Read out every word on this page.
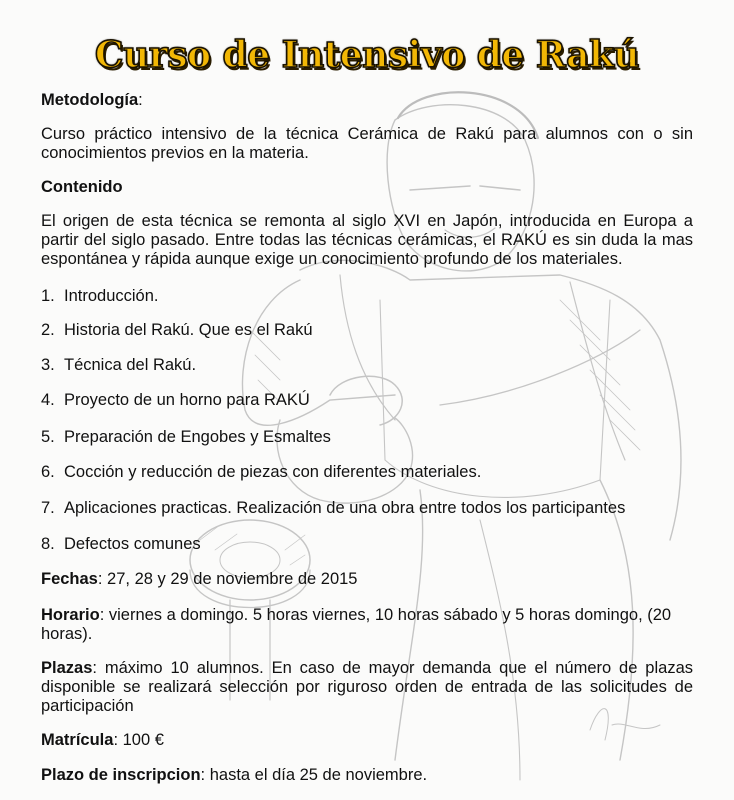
Curso de Intensivo de Rakú
Metodología:
Curso práctico intensivo de la técnica Cerámica de Rakú para alumnos con o sin conocimientos previos en la materia.
Contenido
El origen de esta técnica se remonta al siglo XVI en Japón, introducida en Europa a partir del siglo pasado. Entre todas las técnicas cerámicas, el RAKÚ es sin duda la mas espontánea y rápida aunque exige un conocimiento profundo de los materiales.
1. Introducción.
2. Historia del Rakú. Que es el Rakú
3. Técnica del Rakú.
4. Proyecto de un horno para RAKÚ
5. Preparación de Engobes y Esmaltes
6. Cocción y reducción de piezas con diferentes materiales.
7. Aplicaciones practicas. Realización de una obra entre todos los participantes
8. Defectos comunes
Fechas: 27, 28 y 29 de noviembre de 2015
Horario: viernes a domingo. 5 horas viernes, 10 horas sábado y 5 horas domingo, (20 horas).
Plazas: máximo 10 alumnos. En caso de mayor demanda que el número de plazas disponible se realizará selección por riguroso orden de entrada de las solicitudes de participación
Matrícula: 100 €
Plazo de inscripcion: hasta el día 25 de noviembre.
